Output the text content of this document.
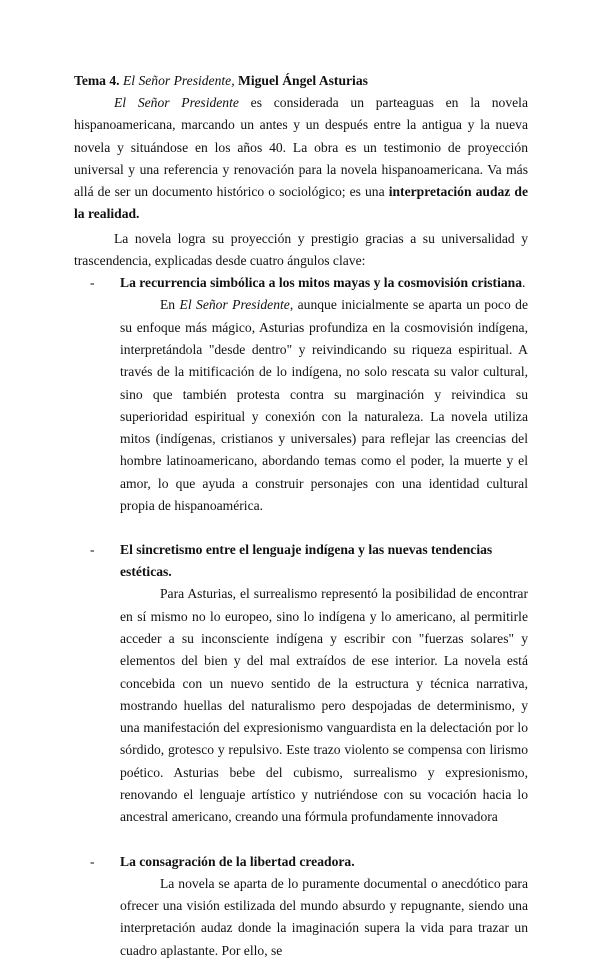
Tema 4. El Señor Presidente, Miguel Ángel Asturias

El Señor Presidente es considerada un parteaguas en la novela hispanoamericana, marcando un antes y un después entre la antigua y la nueva novela y situándose en los años 40. La obra es un testimonio de proyección universal y una referencia y renovación para la novela hispanoamericana. Va más allá de ser un documento histórico o sociológico; es una interpretación audaz de la realidad.

La novela logra su proyección y prestigio gracias a su universalidad y trascendencia, explicadas desde cuatro ángulos clave:

- La recurrencia simbólica a los mitos mayas y la cosmovisión cristiana.

En El Señor Presidente, aunque inicialmente se aparta un poco de su enfoque más mágico, Asturias profundiza en la cosmovisión indígena, interpretándola "desde dentro" y reivindicando su riqueza espiritual. A través de la mitificación de lo indígena, no solo rescata su valor cultural, sino que también protesta contra su marginación y reivindica su superioridad espiritual y conexión con la naturaleza. La novela utiliza mitos (indígenas, cristianos y universales) para reflejar las creencias del hombre latinoamericano, abordando temas como el poder, la muerte y el amor, lo que ayuda a construir personajes con una identidad cultural propia de hispanoamérica.

- El sincretismo entre el lenguaje indígena y las nuevas tendencias estéticas.

Para Asturias, el surrealismo representó la posibilidad de encontrar en sí mismo no lo europeo, sino lo indígena y lo americano, al permitirle acceder a su inconsciente indígena y escribir con "fuerzas solares" y elementos del bien y del mal extraídos de ese interior. La novela está concebida con un nuevo sentido de la estructura y técnica narrativa, mostrando huellas del naturalismo pero despojadas de determinismo, y una manifestación del expresionismo vanguardista en la delectación por lo sórdido, grotesco y repulsivo. Este trazo violento se compensa con lirismo poético. Asturias bebe del cubismo, surrealismo y expresionismo, renovando el lenguaje artístico y nutriéndose con su vocación hacia lo ancestral americano, creando una fórmula profundamente innovadora

- La consagración de la libertad creadora.

La novela se aparta de lo puramente documental o anecdótico para ofrecer una visión estilizada del mundo absurdo y repugnante, siendo una interpretación audaz donde la imaginación supera la vida para trazar un cuadro aplastante. Por ello, se
